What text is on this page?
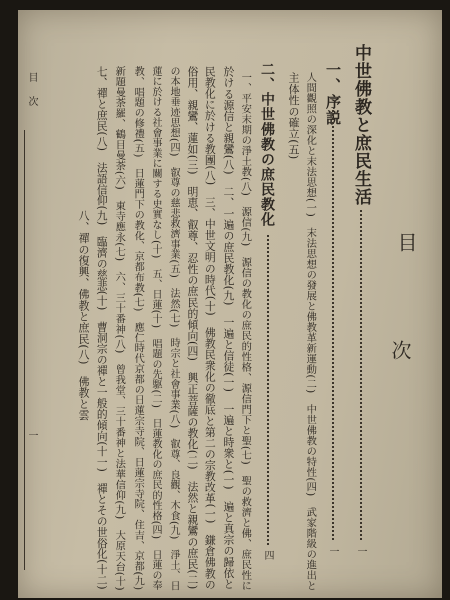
目
次
中世佛教と庶民生活
一
一、序説
一
人間觀照の深化と末法思想(一)　末法思想の發展と佛教革新運動(二)　中世佛教の特性(四)　武家階級の進出と
主体性の確立(五)
二、中世佛教の庶民教化
四
一、平安末期の淨土教(八)　源信(九)　源信の教化の庶民的性格、源信門下と聖(七)　聖の救濟と佛、庶民性に
於ける源信と親鸞(八)　二、一遍の庶民教化(九)　一遍と信徒(一)　一遍と時衆と(一)　遍と真宗の歸依と
民教化に於ける教團(八)　三、中世文明の時代(十)　佛教民衆化の徹底と第二の宗教改革(一)　鎌倉佛教の
俗用、親鸞、蓮如(三)　明恵、叡尊、忍性の庶民的傾向(四)　興正菩薩の教化(二)　法然と親鸞の庶民(二)
の本地垂迹思想(四)　叡尊の慈悲救濟事業(五)　法然(七)　時宗と社會事業(八)　叡尊、良觀、木食(九)　淨土、日
蓮に於ける社會事業に關する史實なし(十)　五、日蓮(十)　唱題の先駆(二)　日蓮教化の庶民的性格(四)　日蓮の奉
教、唱題の修禮(五)　日蓮門下の教化、京都布教(七)　應仁時代京都の日蓮宗寺院、日蓮宗寺院、住吉、京都(九)
新題曼荼羅、鶴目曼荼(六)　東寺應永(七)　六、三十番神(八)　曾我堂、三十番神と法華信仰(九)　大原天台(十)
七、禪と庶民(八)　法語信仰(九)　臨濟の慈悲(十)　曹洞宗の禪と一般的傾向(十一)　禪とその世俗化(十二)
八、禪の復興、佛教と庶民(八)　佛教と雲
目　次
一
